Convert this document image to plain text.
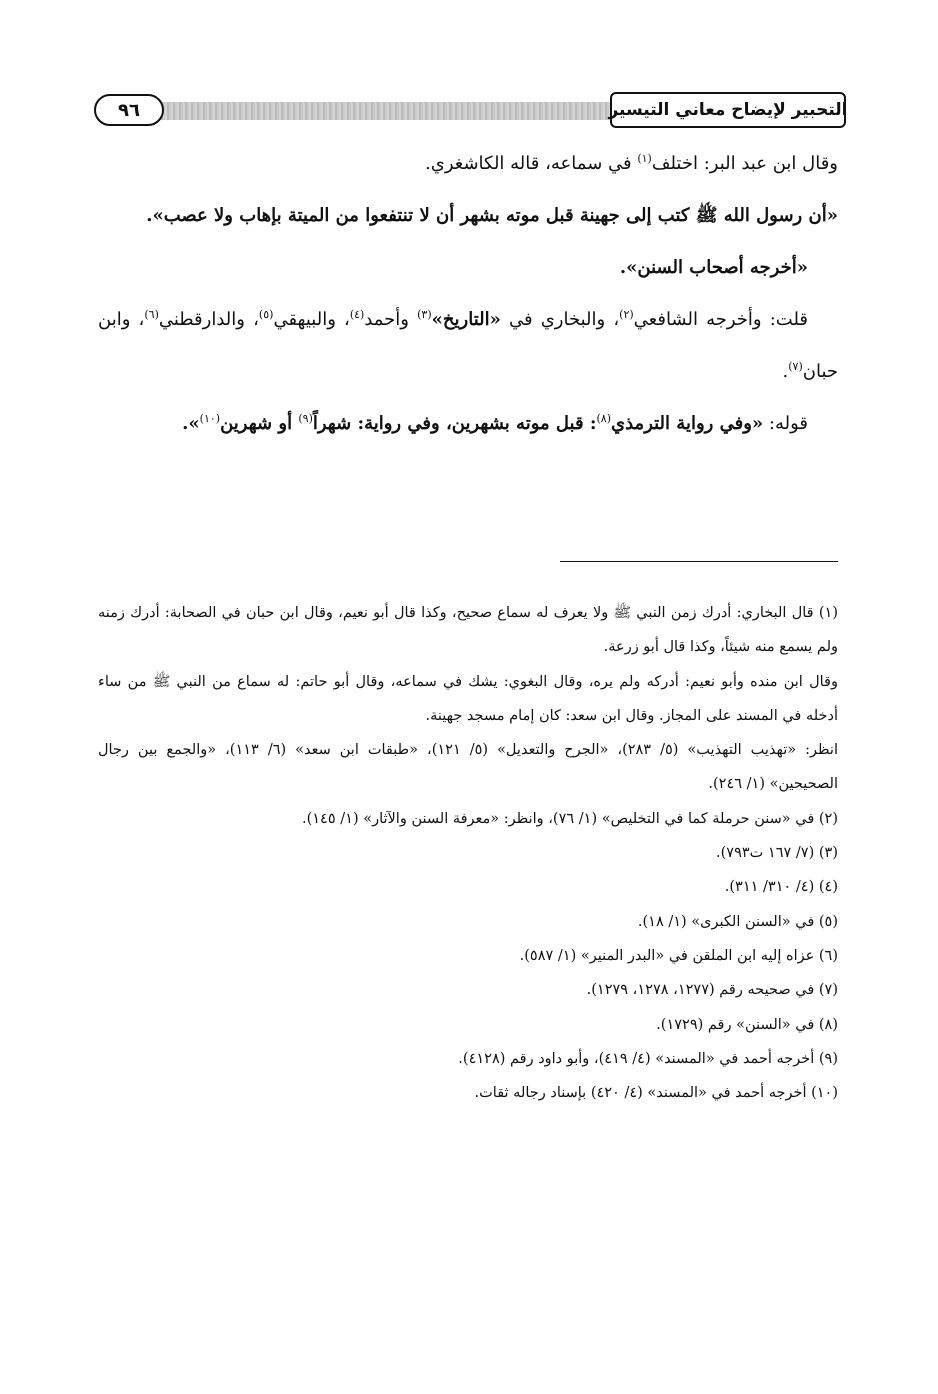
التحبير لإيضاح معاني التيسير
٩٦

وقال ابن عبد البر: اختلف$^{(١)}$ في سماعه، قاله الكاشغري.

«أن رسول الله ﷺ كتب إلى جهينة قبل موته بشهر أن لا تنتفعوا من الميتة بإهاب ولا عصب».

«أخرجه أصحاب السنن».

قلت: وأخرجه الشافعي$^{(٢)}$، والبخاري في «التاريخ»$^{(٣)}$ وأحمد$^{(٤)}$، والبيهقي$^{(٥)}$، والدارقطني$^{(٦)}$، وابن حبان$^{(٧)}$.

قوله: «وفي رواية الترمذي$^{(٨)}$: قبل موته بشهرين، وفي رواية: شهراً$^{(٩)}$ أو شهرين$^{(١٠)}$».

(١) قال البخاري: أدرك زمن النبي ﷺ ولا يعرف له سماع صحيح، وكذا قال أبو نعيم، وقال ابن حبان في الصحابة: أدرك زمنه ولم يسمع منه شيئاً، وكذا قال أبو زرعة.

وقال ابن منده وأبو نعيم: أدركه ولم يره، وقال البغوي: يشك في سماعه، وقال أبو حاتم: له سماع من النبي ﷺ من ساء أدخله في المسند على المجاز. وقال ابن سعد: كان إمام مسجد جهينة.

انظر: «تهذيب التهذيب» (٥/ ٢٨٣)، «الجرح والتعديل» (٥/ ١٢١)، «طبقات ابن سعد» (٦/ ١١٣)، «والجمع بين رجال الصحيحين» (١/ ٢٤٦).

(٢) في «سنن حرملة كما في التخليص» (١/ ٧٦)، وانظر: «معرفة السنن والآثار» (١/ ١٤٥).

(٣) (٧/ ١٦٧ ت٧٩٣).

(٤) (٤/ ٣١٠/ ٣١١).

(٥) في «السنن الكبرى» (١/ ١٨).

(٦) عزاه إليه ابن الملقن في «البدر المنير» (١/ ٥٨٧).

(٧) في صحيحه رقم (١٢٧٧، ١٢٧٨، ١٢٧٩).

(٨) في «السنن» رقم (١٧٢٩).

(٩) أخرجه أحمد في «المسند» (٤/ ٤١٩)، وأبو داود رقم (٤١٢٨).

(١٠) أخرجه أحمد في «المسند» (٤/ ٤٢٠) بإسناد رجاله ثقات.
